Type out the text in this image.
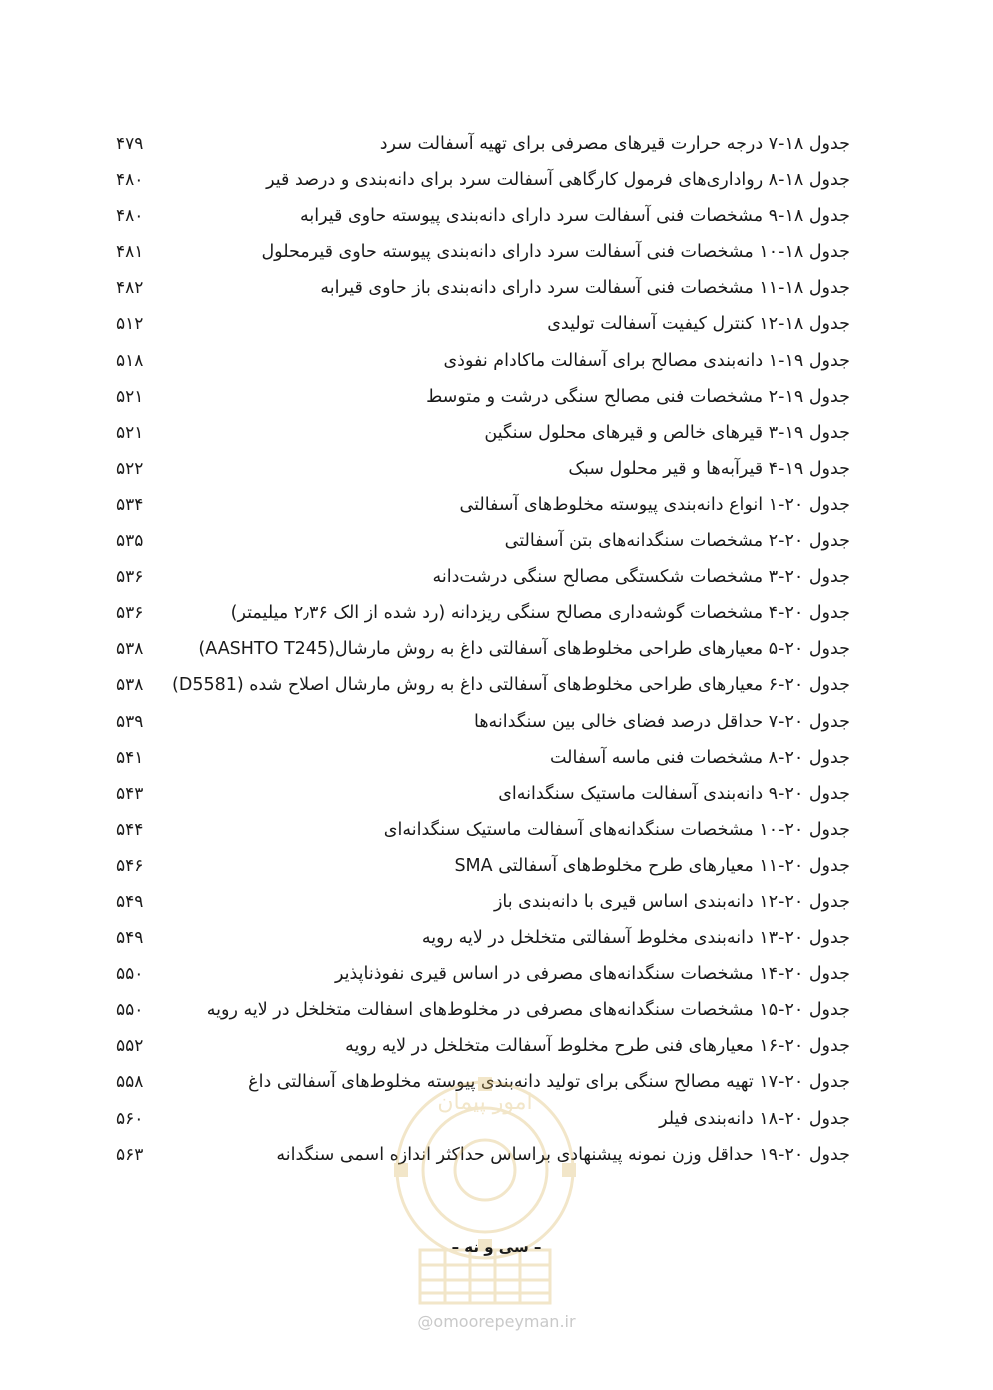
جدول ۱۸-۷ درجه حرارت قیرهای مصرفی برای تهیه آسفالت سرد
۴۷۹
جدول ۱۸-۸ رواداری‌های فرمول کارگاهی آسفالت سرد برای دانه‌بندی و درصد قیر
۴۸۰
جدول ۱۸-۹ مشخصات فنی آسفالت سرد دارای دانه‌بندی پیوسته حاوی قیرابه
۴۸۰
جدول ۱۸-۱۰ مشخصات فنی آسفالت سرد دارای دانه‌بندی پیوسته حاوی قیرمحلول
۴۸۱
جدول ۱۸-۱۱ مشخصات فنی آسفالت سرد دارای دانه‌بندی باز حاوی قیرابه
۴۸۲
جدول ۱۸-۱۲ کنترل کیفیت آسفالت تولیدی
۵۱۲
جدول ۱۹-۱ دانه‌بندی مصالح برای آسفالت ماکادام نفوذی
۵۱۸
جدول ۱۹-۲ مشخصات فنی مصالح سنگی درشت و متوسط
۵۲۱
جدول ۱۹-۳ قیرهای خالص و قیرهای محلول سنگین
۵۲۱
جدول ۱۹-۴ قیرآبه‌ها و قیر محلول سبک
۵۲۲
جدول ۲۰-۱ انواع دانه‌بندی پیوسته مخلوط‌های آسفالتی
۵۳۴
جدول ۲۰-۲ مشخصات سنگدانه‌های بتن آسفالتی
۵۳۵
جدول ۲۰-۳ مشخصات شکستگی مصالح سنگی درشت‌دانه
۵۳۶
جدول ۲۰-۴ مشخصات گوشه‌داری مصالح سنگی ریزدانه (رد شده از الک ۲٫۳۶ میلیمتر)
۵۳۶
جدول ۲۰-۵ معیارهای طراحی مخلوط‌های آسفالتی داغ به روش مارشال(AASHTO T245)
۵۳۸
جدول ۲۰-۶ معیارهای طراحی مخلوط‌های آسفالتی داغ به روش مارشال اصلاح شده (D5581)
۵۳۸
جدول ۲۰-۷ حداقل درصد فضای خالی بین سنگدانه‌ها
۵۳۹
جدول ۲۰-۸ مشخصات فنی ماسه آسفالت
۵۴۱
جدول ۲۰-۹ دانه‌بندی آسفالت ماستیک سنگدانه‌ای
۵۴۳
جدول ۲۰-۱۰ مشخصات سنگدانه‌های آسفالت ماستیک سنگدانه‌ای
۵۴۴
جدول ۲۰-۱۱ معیارهای طرح مخلوط‌های آسفالتی SMA
۵۴۶
جدول ۲۰-۱۲ دانه‌بندی اساس قیری با دانه‌بندی باز
۵۴۹
جدول ۲۰-۱۳ دانه‌بندی مخلوط آسفالتی متخلخل در لایه رویه
۵۴۹
جدول ۲۰-۱۴ مشخصات سنگدانه‌های مصرفی در اساس قیری نفوذناپذیر
۵۵۰
جدول ۲۰-۱۵ مشخصات سنگدانه‌های مصرفی در مخلوط‌های اسفالت متخلخل در لایه رویه
۵۵۰
جدول ۲۰-۱۶ معیارهای فنی طرح مخلوط آسفالت متخلخل در لایه رویه
۵۵۲
جدول ۲۰-۱۷ تهیه مصالح سنگی برای تولید دانه‌بندی پیوسته مخلوط‌های آسفالتی داغ
۵۵۸
جدول ۲۰-۱۸ دانه‌بندی فیلر
۵۶۰
جدول ۲۰-۱۹ حداقل وزن نمونه پیشنهادی براساس حداکثر اندازه اسمی سنگدانه
۵۶۳
امور پیمان
– سی و نه –
@omoorepeyman.ir
